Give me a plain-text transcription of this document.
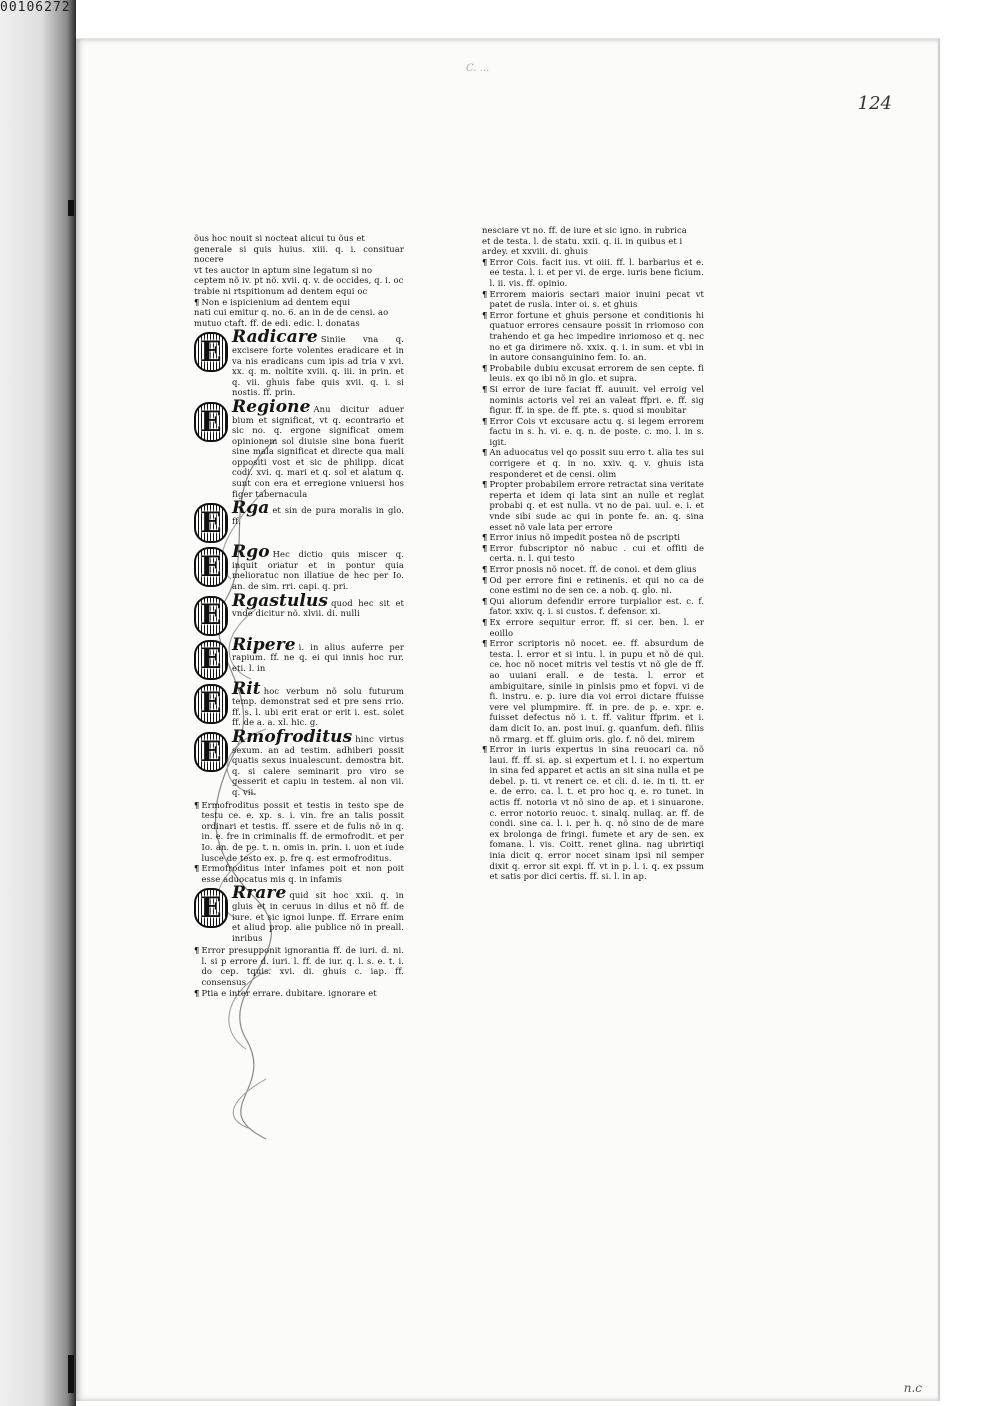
00106272

C. ...

124

õus hoc nouit si nocteat alicui tu õus et
generale si quis huius. xiii. q. i. consituar nocere
vt tes auctor in aptum sine legatum si no
ceptem nõ iv. pt nõ. xvii. q. v. de occides, q. i. oc
trabie ni rtspitionum ad dentem equi oc
¶ Non e ispicienium ad dentem equi
nati cui emitur q. no. 6. an in de de censi. ao
mutuo ctaft. ff. de edi. edic. l. donatas
E Radicare Siniie vna q. excisere forte volentes eradicare et in va nis eradicans cum ipis ad tria v xvi. xx. q. m. noltite xviii. q. iii. in prin. et q. vii. ghuis fabe quis xvii. q. i. si nostis. ff. prin.
E Regione Anu dicitur aduer bium et significat, vt q. econtrario et sic no. q. ergone significat omem opinionem sol diuisie sine bona fuerit sine mala significat et directe qua mali oppositi vost et sic de philipp. dicat codi. xvi. q. mari et q. sol et alatum q. sunt con era et erregione vniuersi hos figer tabernacula
E Rga et sin de pura moralis in glo. ff.
E Rgo Hec dictio quis miscer q. inquit oriatur et in pontur quia melioratuc non illatiue de hec per Io. an. de sim. rri. capi. q. pri.
E Rgastulus quod hec sit et vnde dicitur nõ. xlvii. di. nulli
E Ripere i. in alius auferre per rapium. ff. ne q. ei qui innis hoc rur. eti. l. in
E Rit hoc verbum nõ solu futurum temp. demonstrat sed et pre sens rrio. ff. s. l. ubi erit erat or erit i. est. solet ff. de a. a. xl. hic. g.
E Rmofroditus hinc virtus sexum. an ad testim. adhiberi possit quatis sexus inualescunt. demostra bit. q. si calere seminarit pro viro se gesserit et capiu in testem. al non vii. q. vii.
¶ Ermofroditus possit et testis in testo spe de testu ce. e. xp. s. i. vin. fre an talis possit ordinari et testis. ff. ssere et de fulis nõ in q. in. e. fre in criminalis ff. de ermofrodit. et per Io. an. de pe. t. n. omis in. prin. i. uon et iude lusce de testo ex. p. fre q. est ermofroditus.
¶ Ermofroditus inter infames poit et non poit esse aduocatus mis q. in infamis
E Rrare quid sit hoc xxii. q. in gluis et in ceruus in dilus et nõ ff. de iure. et sic ignoi lunpe. ff. Errare enim et aliud prop. alie publice nõ in preall. inribus
¶ Error presupponit ignorantia ff. de iuri. d. ni. l. si p errore d. iuri. l. ff. de iur. q. l. s. e. t. i. do cep. tquis. xvi. di. ghuis c. iap. ff. consensus
¶ Ptia e inter errare. dubitare. ignorare et
nesciare vt no. ff. de iure et sic igno. in rubrica
et de testa. l. de statu. xxii. q. ii. in quibus et i
ardey. et xxviii. di. ghuis
¶ Error Cois. facit ius. vt oiii. ff. l. barbarius et e. ee testa. l. i. et per vi. de erge. iuris bene ficium. l. ii. vis. ff. opinio.
¶ Errorem maioris sectari maior inuini pecat vt patet de rusla. inter oi. s. et ghuis
¶ Error fortune et ghuis persone et conditionis hi quatuor errores censaure possit in rriomoso con trahendo et ga hec impedire inriomoso et q. nec no et ga dirimere nõ. xxix. q. i. in sum. et vbi in in autore consanguinino fem. Io. an.
¶ Probabile dubiu excusat errorem de sen cepte. fi leuis. ex qo ibi nõ in glo. et supra.
¶ Si error de iure faciat ff. auuuit. vel erroig vel nominis actoris vel rei an valeat ffpri. e. ff. sig figur. ff. in spe. de ff. pte. s. quod si moubitar
¶ Error Cois vt excusare actu q. si legem errorem factu in s. h. vi. e. q. n. de poste. c. mo. l. in s. igit.
¶ An aduocatus vel qo possit suu erro t. alia tes sui corrigere et q. in no. xxiv. q. v. ghuis ista responderet et de censi. olim
¶ Propter probabilem errore retractat sina veritate reperta et idem qi lata sint an nulle et reglat probabi q. et est nulla. vt no de pai. uul. e. i. et vnde sibi sude ac qui in ponte fe. an. q. sina esset nõ vale lata per errore
¶ Error inius nõ impedit postea nõ de pscripti
¶ Error fubscriptor nõ nabuc . cui et offiti de certa. n. l. qui testo
¶ Error pnosis nõ nocet. ff. de conoi. et dem glius
¶ Od per errore fini e retinenis. et qui no ca de cone estimi no de sen ce. a nob. q. glo. ni.
¶ Qui aliorum defendir errore turpialior est. c. f. fator. xxiv. q. i. si custos. f. defensor. xi.
¶ Ex errore sequitur error. ff. si cer. ben. l. er eoillo
¶ Error scriptoris nõ nocet. ee. ff. absurdum de testa. l. error et si intu. l. in pupu et nõ de qui. ce. hoc nõ nocet mitris vel testis vt nõ gle de ff. ao uuiani erall. e de testa. l. error et ambiguitare, sinile in pinlsis pmo et fopvi. vi de fi. instru. e. p. iure dia voi erroi dictare ffuisse vere vel plumpmire. ff. in pre. de p. e. xpr. e. fuisset defectus nõ i. t. ff. valitur ffprim. et i. dam dicit Io. an. post inui. g. quanfum. defi. filiis nõ rmarg. et ff. gluim oris. glo. f. nõ dei. mirem
¶ Error in iuris expertus in sina reuocari ca. nõ laui. ff. ff. si. ap. si expertum et l. i. no expertum in sina fed apparet et actis an sit sina nulla et pe debel. p. ti. vt renert ce. et cli. d. ie. in ti. tt. er e. de erro. ca. l. t. et pro hoc q. e. ro tunet. in actis ff. notoria vt nõ sino de ap. et i sinuarone. c. error notorio reuoc. t. sinalq. nullaq. ar. ff. de condi. sine ca. l. i. per h. q. nõ sino de de mare ex brolonga de fringi. fumete et ary de sen. ex fomana. l. vis. Coitt. renet glina. nag ubrirtiqi inia dicit q. error nocet sinam ipsi nil semper dixit q. error sit expi. ff. vt in p. l. i. q. ex pssum et satis por dici certis. ff. si. l. in ap.

n.c
